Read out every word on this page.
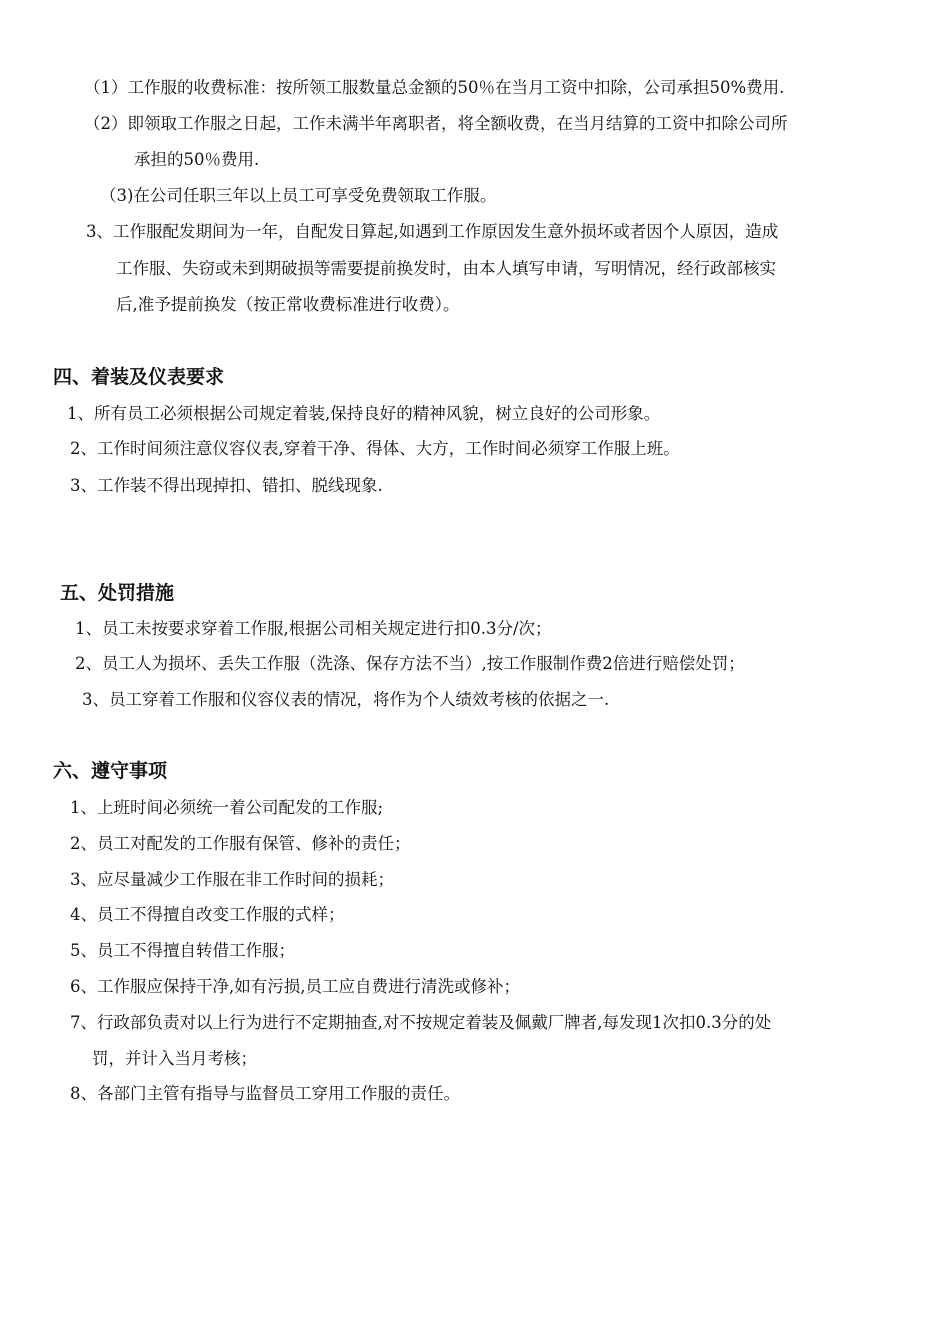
（1）工作服的收费标准：按所领工服数量总金额的50％在当月工资中扣除，公司承担50%费用.
（2）即领取工作服之日起，工作未满半年离职者，将全额收费，在当月结算的工资中扣除公司所
承担的50％费用.
（3)在公司任职三年以上员工可享受免费领取工作服。
3、工作服配发期间为一年，自配发日算起,如遇到工作原因发生意外损坏或者因个人原因，造成
工作服、失窃或未到期破损等需要提前换发时，由本人填写申请，写明情况，经行政部核实
后,准予提前换发（按正常收费标准进行收费）。
四、着装及仪表要求
1、所有员工必须根据公司规定着装,保持良好的精神风貌，树立良好的公司形象。
2、工作时间须注意仪容仪表,穿着干净、得体、大方，工作时间必须穿工作服上班。
3、工作装不得出现掉扣、错扣、脱线现象.
五、处罚措施
1、员工未按要求穿着工作服,根据公司相关规定进行扣0.3分/次；
2、员工人为损坏、丢失工作服（洗涤、保存方法不当）,按工作服制作费2倍进行赔偿处罚；
3、员工穿着工作服和仪容仪表的情况，将作为个人绩效考核的依据之一.
六、遵守事项
1、上班时间必须统一着公司配发的工作服;
2、员工对配发的工作服有保管、修补的责任；
3、应尽量减少工作服在非工作时间的损耗；
4、员工不得擅自改变工作服的式样；
5、员工不得擅自转借工作服；
6、工作服应保持干净,如有污损,员工应自费进行清洗或修补；
7、行政部负责对以上行为进行不定期抽查,对不按规定着装及佩戴厂牌者,每发现1次扣0.3分的处
罚，并计入当月考核；
8、各部门主管有指导与监督员工穿用工作服的责任。
